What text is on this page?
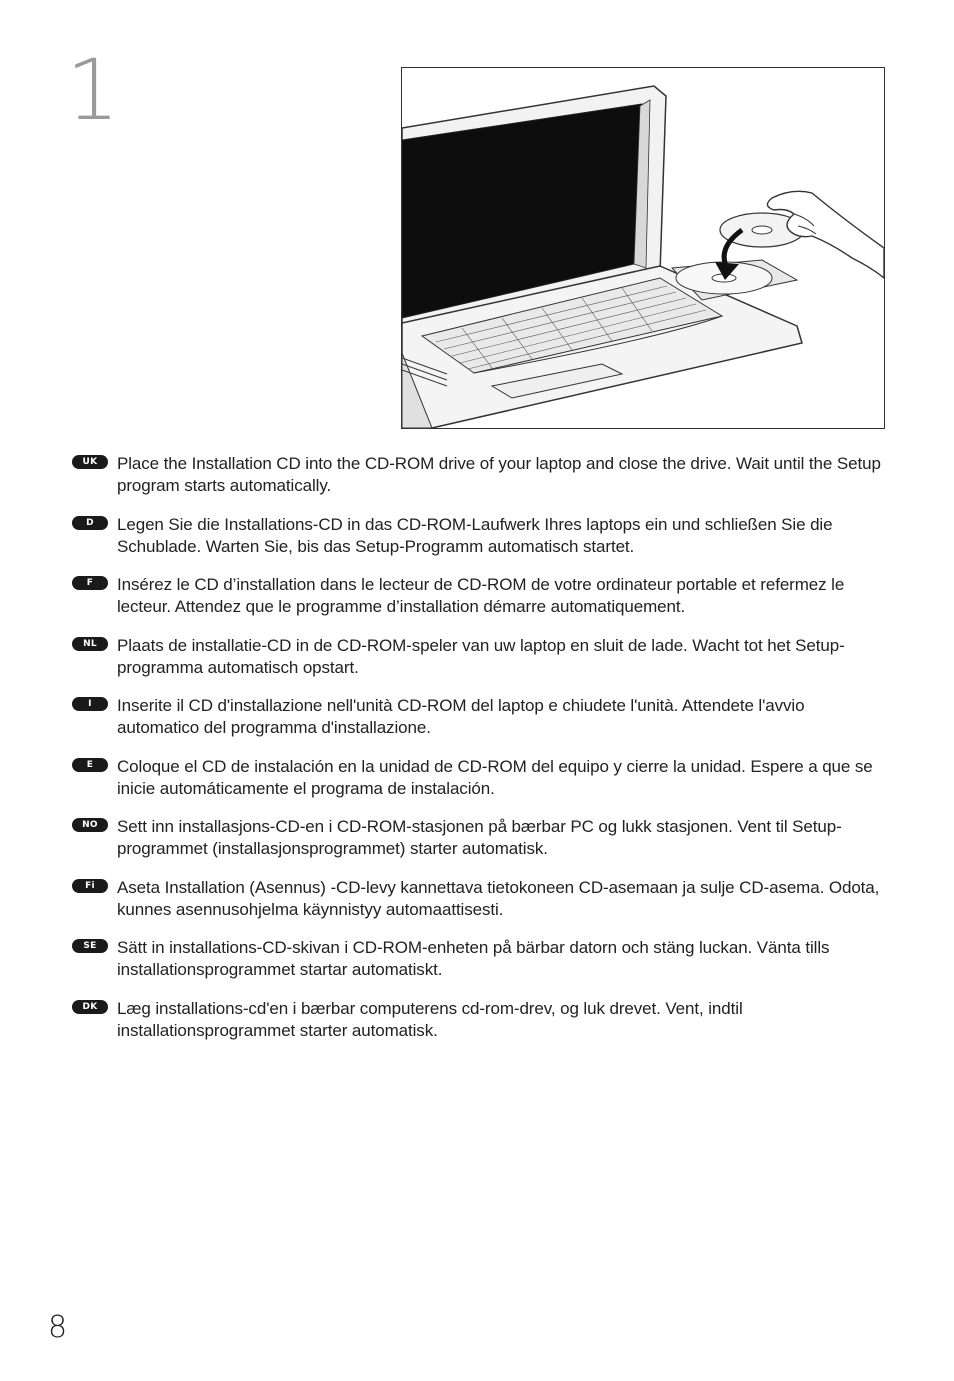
1
UK	Place the Installation CD into the CD-ROM drive of your laptop and close the drive. Wait until the Setup program starts automatically.
D	Legen Sie die Installations-CD in das CD-ROM-Laufwerk Ihres laptops ein und schließen Sie die Schublade. Warten Sie, bis das Setup-Programm automatisch startet.
F	Insérez le CD d’installation dans le lecteur de CD-ROM de votre ordinateur portable et refermez le lecteur. Attendez que le programme d’installation démarre automatiquement.
NL	Plaats de installatie-CD in de CD-ROM-speler van uw laptop en sluit de lade. Wacht tot het Setup-programma automatisch opstart.
I	Inserite il CD d'installazione nell'unità CD-ROM del laptop e chiudete l'unità. Attendete l'avvio automatico del programma d'installazione.
E	Coloque el CD de instalación en la unidad de CD-ROM del equipo y cierre la unidad. Espere a que se inicie automáticamente el programa de instalación.
NO	Sett inn installasjons-CD-en i CD-ROM-stasjonen på bærbar PC og lukk stasjonen. Vent til Setup-programmet (installasjonsprogrammet) starter automatisk.
Fi	Aseta Installation (Asennus) -CD-levy kannettava tietokoneen CD-asemaan ja sulje CD-asema. Odota, kunnes asennusohjelma käynnistyy automaattisesti.
SE	Sätt in installations-CD-skivan i CD-ROM-enheten på bärbar datorn och stäng luckan. Vänta tills installationsprogrammet startar automatiskt.
DK	Læg installations-cd'en i bærbar computerens cd-rom-drev, og luk drevet. Vent, indtil installationsprogrammet starter automatisk.
8
